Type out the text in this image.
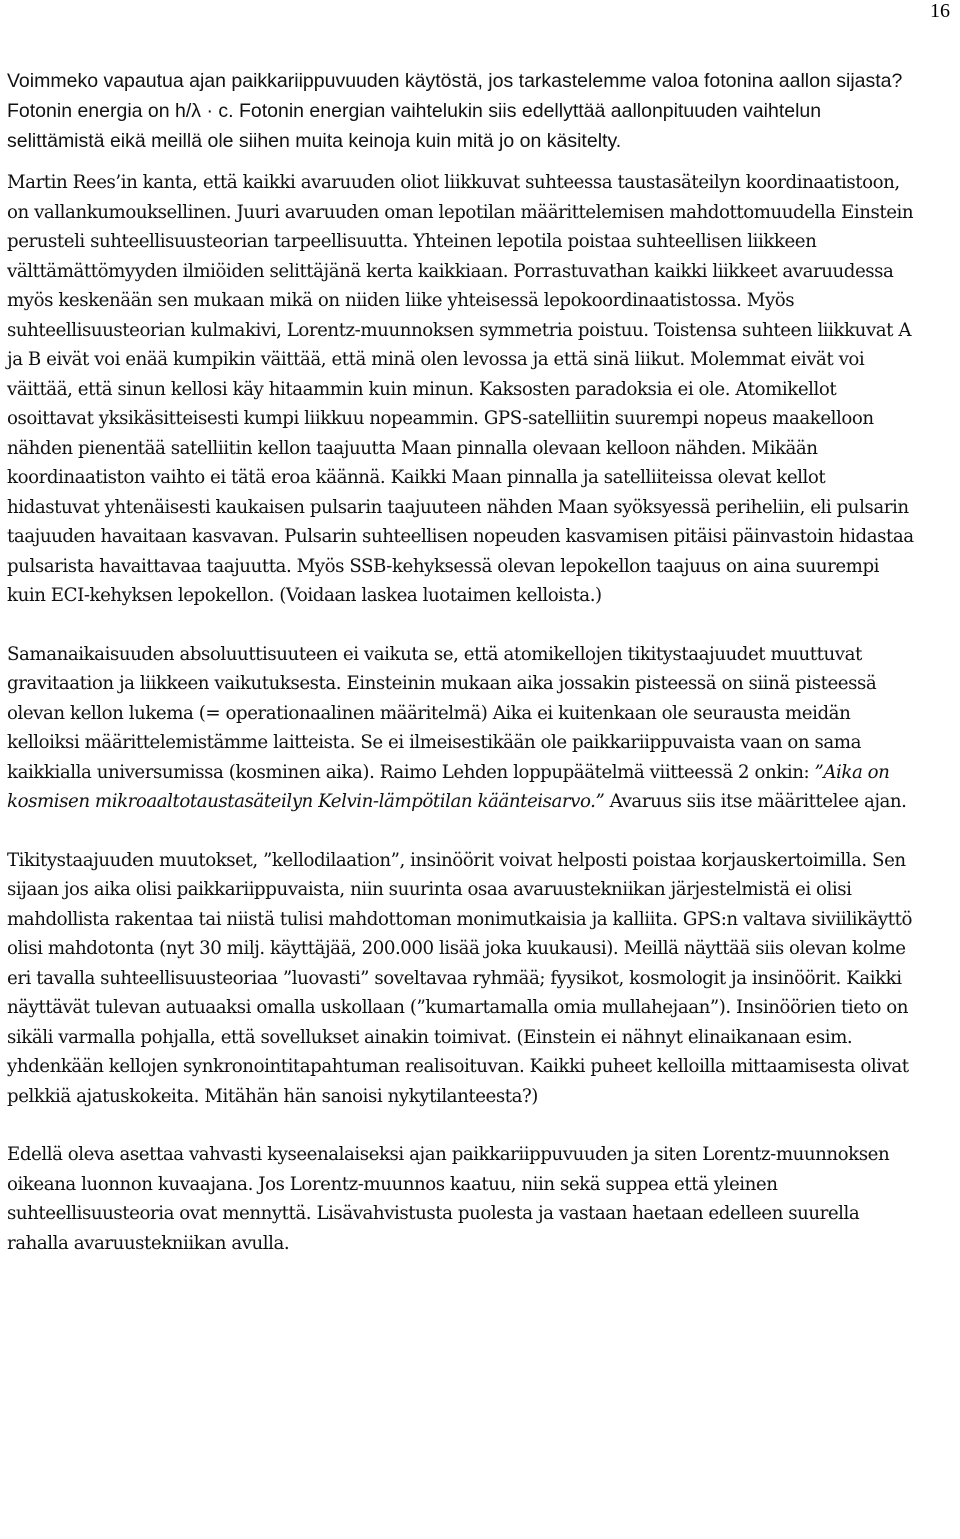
16

Voimmeko vapautua ajan paikkariippuvuuden käytöstä, jos tarkastelemme valoa fotonina aallon sijasta? Fotonin energia on h/λ · c. Fotonin energian vaihtelukin siis edellyttää aallonpituuden vaihtelun selittämistä eikä meillä ole siihen muita keinoja kuin mitä jo on käsitelty.

Martin Rees’in kanta, että kaikki avaruuden oliot liikkuvat suhteessa taustasäteilyn koordinaatistoon, on vallankumouksellinen. Juuri avaruuden oman lepotilan määrittelemisen mahdottomuudella Einstein perusteli suhteellisuusteorian tarpeellisuutta. Yhteinen lepotila poistaa suhteellisen liikkeen välttämättömyyden ilmiöiden selittäjänä kerta kaikkiaan. Porrastuvathan kaikki liikkeet avaruudessa myös keskenään sen mukaan mikä on niiden liike yhteisessä lepokoordinaatistossa. Myös suhteellisuusteorian kulmakivi, Lorentz-muunnoksen symmetria poistuu. Toistensa suhteen liikkuvat A ja B eivät voi enää kumpikin väittää, että minä olen levossa ja että sinä liikut. Molemmat eivät voi väittää, että sinun kellosi käy hitaammin kuin minun. Kaksosten paradoksia ei ole. Atomikellot osoittavat yksikäsitteisesti kumpi liikkuu nopeammin. GPS-satelliitin suurempi nopeus maakelloon nähden pienentää satelliitin kellon taajuutta Maan pinnalla olevaan kelloon nähden. Mikään koordinaatiston vaihto ei tätä eroa käännä. Kaikki Maan pinnalla ja satelliiteissa olevat kellot hidastuvat yhtenäisesti kaukaisen pulsarin taajuuteen nähden Maan syöksyessä periheliin, eli pulsarin taajuuden havaitaan kasvavan. Pulsarin suhteellisen nopeuden kasvamisen pitäisi päinvastoin hidastaa pulsarista havaittavaa taajuutta. Myös SSB-kehyksessä olevan lepokellon taajuus on aina suurempi kuin ECI-kehyksen lepokellon. (Voidaan laskea luotaimen kelloista.)

Samanaikaisuuden absoluuttisuuteen ei vaikuta se, että atomikellojen tikitystaajuudet muuttuvat gravitaation ja liikkeen vaikutuksesta. Einsteinin mukaan aika jossakin pisteessä on siinä pisteessä olevan kellon lukema (= operationaalinen määritelmä) Aika ei kuitenkaan ole seurausta meidän kelloiksi määrittelemistämme laitteista. Se ei ilmeisestikään ole paikkariippuvaista vaan on sama kaikkialla universumissa (kosminen aika). Raimo Lehden loppupäätelmä viitteessä 2 onkin: ”Aika on kosmisen mikroaaltotaustasäteilyn Kelvin-lämpötilan käänteisarvo.” Avaruus siis itse määrittelee ajan.

Tikitystaajuuden muutokset, ”kellodilaation”, insinöörit voivat helposti poistaa korjauskertoimilla. Sen sijaan jos aika olisi paikkariippuvaista, niin suurinta osaa avaruustekniikan järjestelmistä ei olisi mahdollista rakentaa tai niistä tulisi mahdottoman monimutkaisia ja kalliita. GPS:n valtava siviilikäyttö olisi mahdotonta (nyt 30 milj. käyttäjää, 200.000 lisää joka kuukausi). Meillä näyttää siis olevan kolme eri tavalla suhteellisuusteoriaa ”luovasti” soveltavaa ryhmää; fyysikot, kosmologit ja insinöörit. Kaikki näyttävät tulevan autuaaksi omalla uskollaan (”kumartamalla omia mullahejaan”). Insinöörien tieto on sikäli varmalla pohjalla, että sovellukset ainakin toimivat. (Einstein ei nähnyt elinaikanaan esim. yhdenkään kellojen synkronointitapahtuman realisoituvan. Kaikki puheet kelloilla mittaamisesta olivat pelkkiä ajatuskokeita. Mitähän hän sanoisi nykytilanteesta?)

Edellä oleva asettaa vahvasti kyseenalaiseksi ajan paikkariippuvuuden ja siten Lorentz-muunnoksen oikeana luonnon kuvaajana. Jos Lorentz-muunnos kaatuu, niin sekä suppea että yleinen suhteellisuusteoria ovat mennyttä. Lisävahvistusta puolesta ja vastaan haetaan edelleen suurella rahalla avaruustekniikan avulla.
